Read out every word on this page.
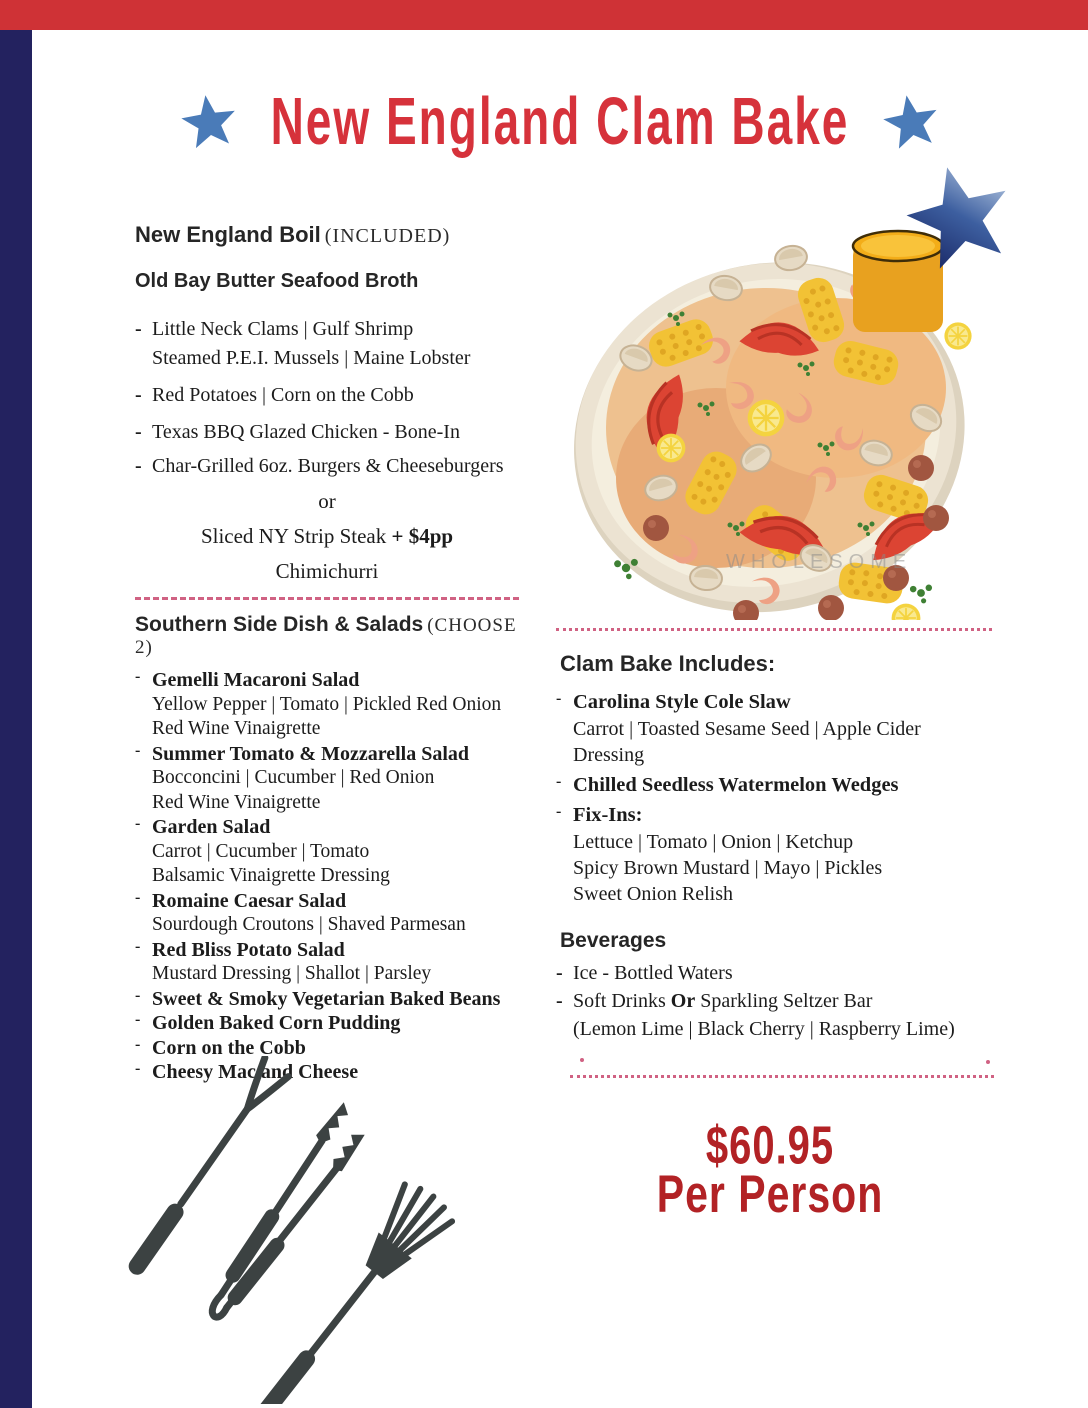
New England Clam Bake
WHOLESOME
New England Boil (INCLUDED)
Old Bay Butter Seafood Broth
- Little Neck Clams | Gulf Shrimp
Steamed P.E.I. Mussels | Maine Lobster
- Red Potatoes | Corn on the Cobb
- Texas BBQ Glazed Chicken - Bone-In
- Char-Grilled 6oz. Burgers & Cheeseburgers
or
Sliced NY Strip Steak + $4pp
Chimichurri
Southern Side Dish & Salads (CHOOSE 2)
- Gemelli Macaroni Salad
Yellow Pepper | Tomato | Pickled Red Onion
Red Wine Vinaigrette
- Summer Tomato & Mozzarella Salad
Bocconcini | Cucumber | Red Onion
Red Wine Vinaigrette
- Garden Salad
Carrot | Cucumber | Tomato
Balsamic Vinaigrette Dressing
- Romaine Caesar Salad
Sourdough Croutons | Shaved Parmesan
- Red Bliss Potato Salad
Mustard Dressing | Shallot | Parsley
- Sweet & Smoky Vegetarian Baked Beans
- Golden Baked Corn Pudding
- Corn on the Cobb
- Cheesy Mac and Cheese
Clam Bake Includes:
- Carolina Style Cole Slaw
Carrot | Toasted Sesame Seed | Apple Cider Dressing
- Chilled Seedless Watermelon Wedges
- Fix-Ins:
Lettuce | Tomato | Onion | Ketchup
Spicy Brown Mustard | Mayo | Pickles
Sweet Onion Relish
Beverages
- Ice - Bottled Waters
- Soft Drinks Or Sparkling Seltzer Bar
(Lemon Lime | Black Cherry | Raspberry Lime)
$60.95
Per Person
